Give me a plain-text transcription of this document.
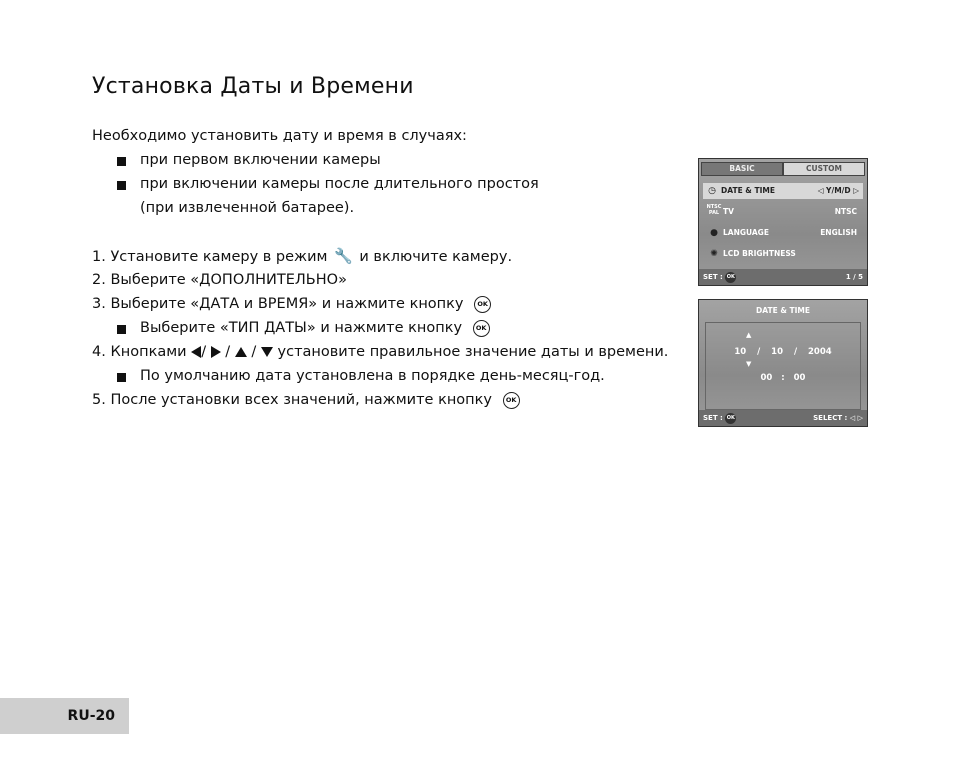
Установка Даты и Времени
Необходимо установить дату и время в случаях:
при первом включении камеры
при включении камеры после длительного простоя
(при извлеченной батарее).
1. Установите камеру в режим 🔧 и включите камеру.
2. Выберите «ДОПОЛНИТЕЛЬНО»
3. Выберите «ДАТА и ВРЕМЯ» и нажмите кнопку OK
Выберите «ТИП ДАТЫ» и нажмите кнопку OK
4. Кнопками /  /  /  установите правильное значение даты и времени.
По умолчанию дата установлена в порядке день-месяц-год.
5. После установки всех значений, нажмите кнопку OK
BASIC	CUSTOM
◷ DATE & TIME	◁ Y/M/D ▷
NTSC PAL TV	NTSC
● LANGUAGE	ENGLISH
✺ LCD BRIGHTNESS
SET : OK	1 / 5
DATE & TIME
▲
10 / 10 / 2004
▼
00 : 00
SET : OK	SELECT : ◁ ▷
RU-20
